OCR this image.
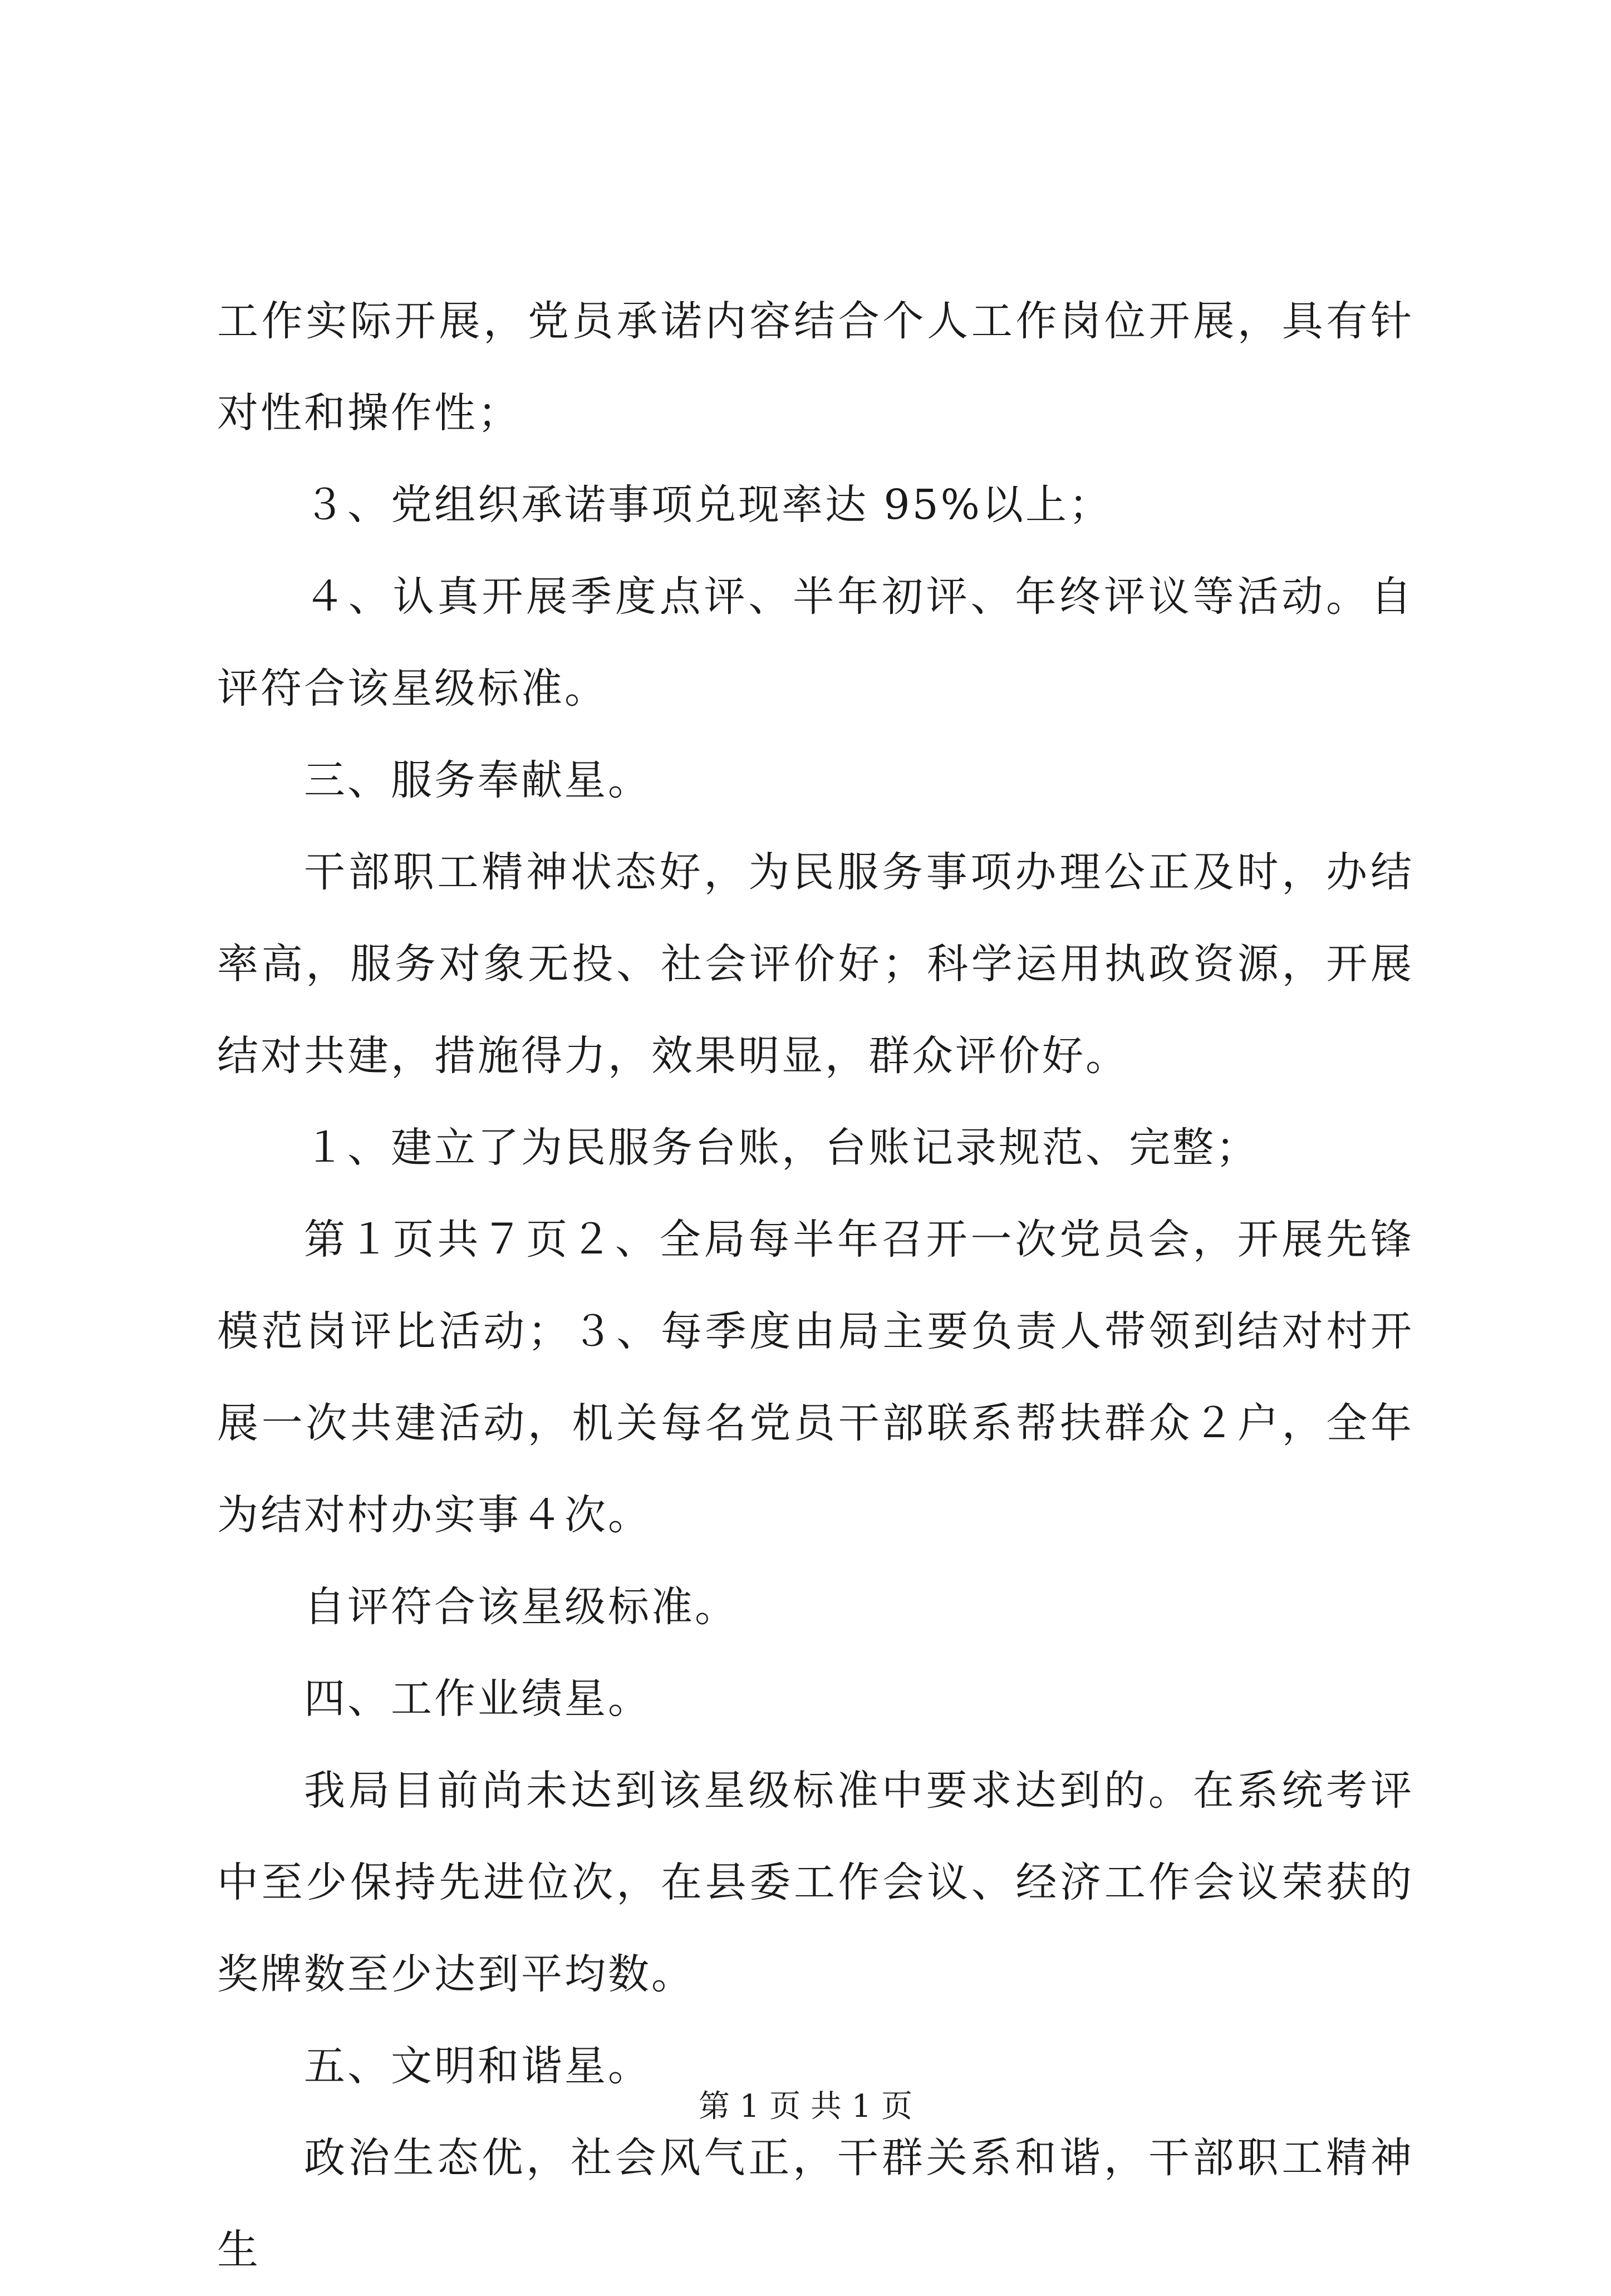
工作实际开展，党员承诺内容结合个人工作岗位开展，具有针对性和操作性；

３、党组织承诺事项兑现率达 95%以上；

４、认真开展季度点评、半年初评、年终评议等活动。自评符合该星级标准。

三、服务奉献星。

干部职工精神状态好，为民服务事项办理公正及时，办结率高，服务对象无投、社会评价好；科学运用执政资源，开展结对共建，措施得力，效果明显，群众评价好。

１、建立了为民服务台账，台账记录规范、完整；

第１页共７页２、全局每半年召开一次党员会，开展先锋模范岗评比活动；３、每季度由局主要负责人带领到结对村开展一次共建活动，机关每名党员干部联系帮扶群众２户，全年为结对村办实事４次。

自评符合该星级标准。

四、工作业绩星。

我局目前尚未达到该星级标准中要求达到的。在系统考评中至少保持先进位次，在县委工作会议、经济工作会议荣获的奖牌数至少达到平均数。

五、文明和谐星。

政治生态优，社会风气正，干群关系和谐，干部职工精神生

第 1 页 共 1 页
